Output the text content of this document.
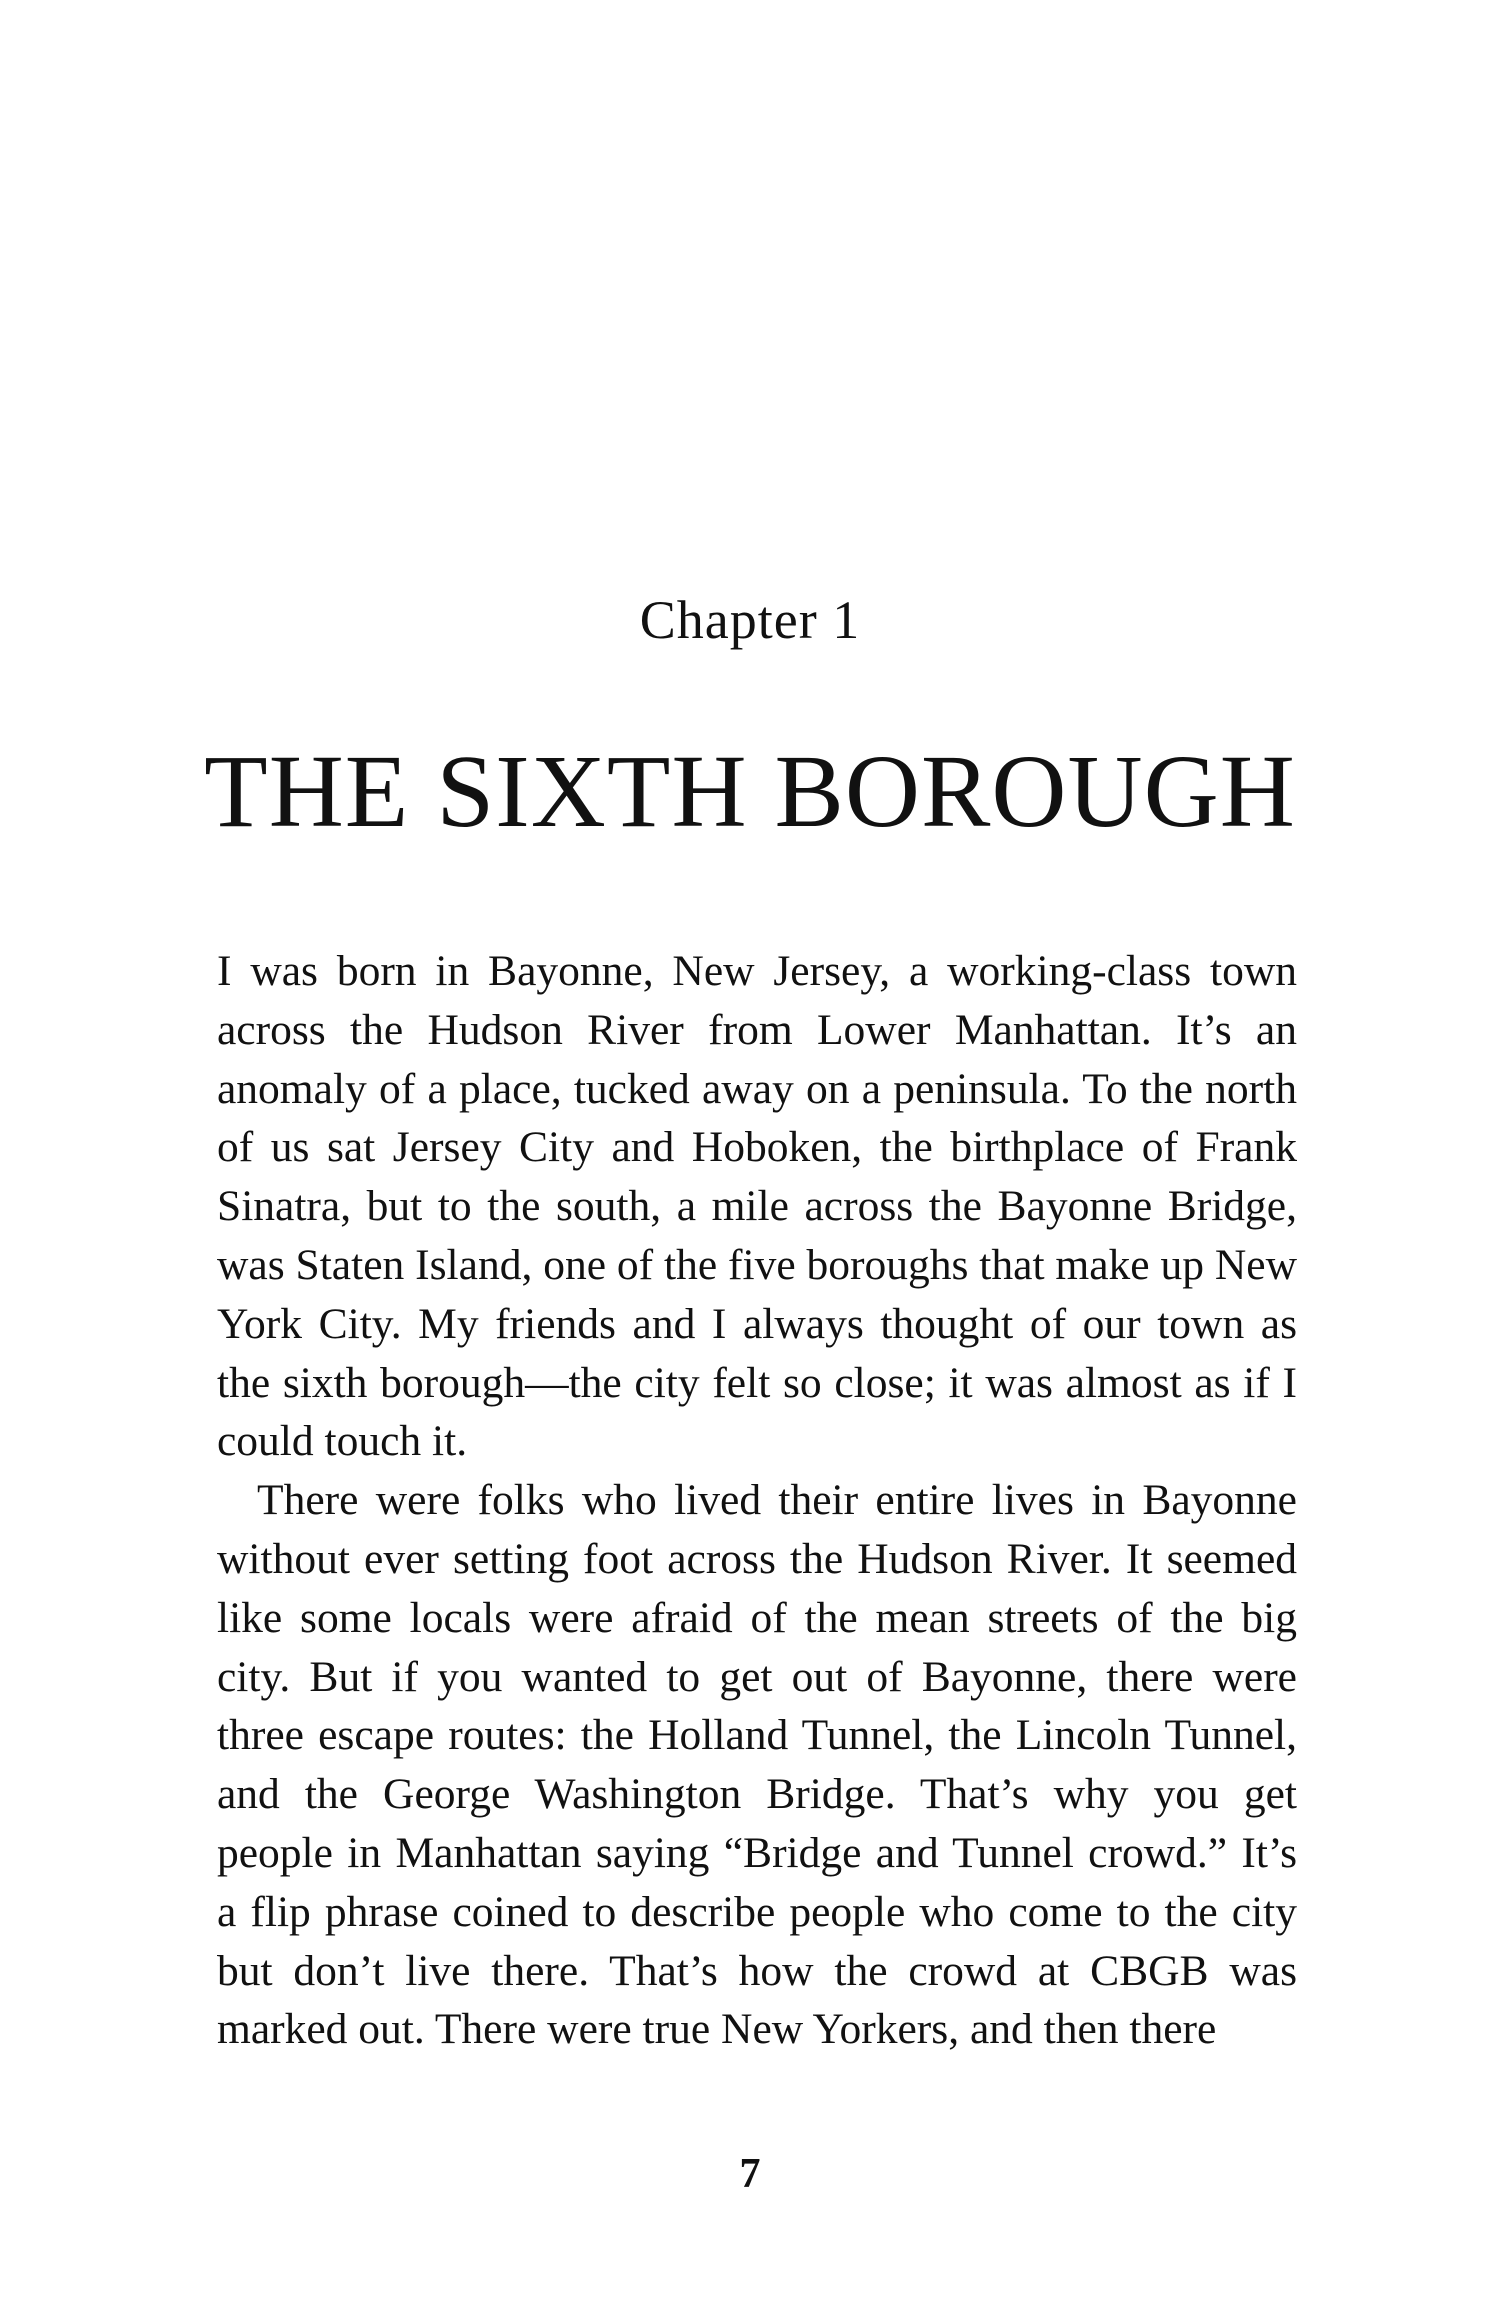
Chapter 1
THE SIXTH BOROUGH

I was born in Bayonne, New Jersey, a working-class town across the Hudson River from Lower Manhattan. It’s an anomaly of a place, tucked away on a peninsula. To the north of us sat Jersey City and Hoboken, the birthplace of Frank Sinatra, but to the south, a mile across the Bayonne Bridge, was Staten Island, one of the five boroughs that make up New York City. My friends and I always thought of our town as the sixth borough—the city felt so close; it was almost as if I could touch it.

There were folks who lived their entire lives in Bayonne without ever setting foot across the Hudson River. It seemed like some locals were afraid of the mean streets of the big city. But if you wanted to get out of Bayonne, there were three escape routes: the Holland Tunnel, the Lincoln Tunnel, and the George Washington Bridge. That’s why you get people in Manhattan saying “Bridge and Tunnel crowd.” It’s a flip phrase coined to describe people who come to the city but don’t live there. That’s how the crowd at CBGB was marked out. There were true New Yorkers, and then there

7
